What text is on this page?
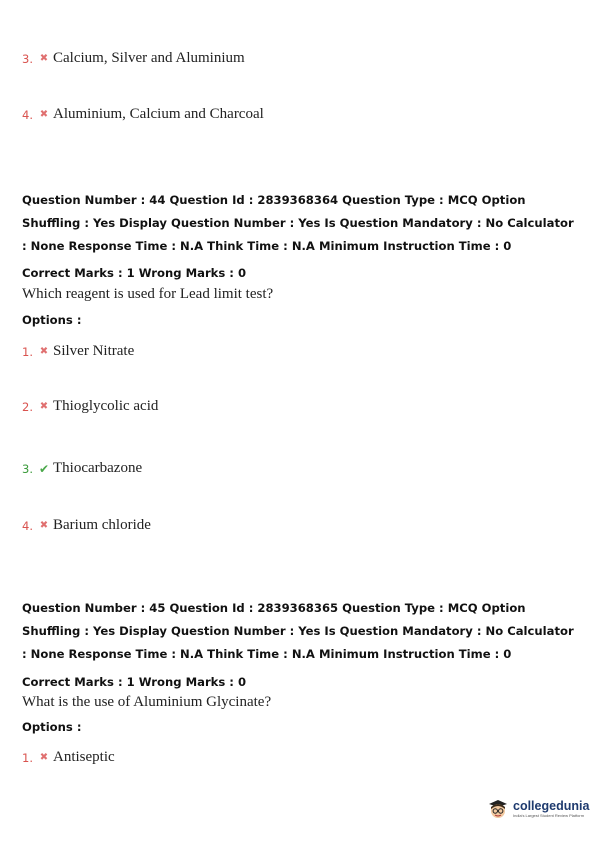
3. ✖ Calcium, Silver and Aluminium
4. ✖ Aluminium, Calcium and Charcoal
Question Number : 44 Question Id : 2839368364 Question Type : MCQ Option Shuffling : Yes Display Question Number : Yes Is Question Mandatory : No Calculator : None Response Time : N.A Think Time : N.A Minimum Instruction Time : 0
Correct Marks : 1 Wrong Marks : 0
Which reagent is used for Lead limit test?
Options :
1. ✖ Silver Nitrate
2. ✖ Thioglycolic acid
3. ✔ Thiocarbazone
4. ✖ Barium chloride
Question Number : 45 Question Id : 2839368365 Question Type : MCQ Option Shuffling : Yes Display Question Number : Yes Is Question Mandatory : No Calculator : None Response Time : N.A Think Time : N.A Minimum Instruction Time : 0
Correct Marks : 1 Wrong Marks : 0
What is the use of Aluminium Glycinate?
Options :
1. ✖ Antiseptic
collegedunia
India's Largest Student Review Platform
